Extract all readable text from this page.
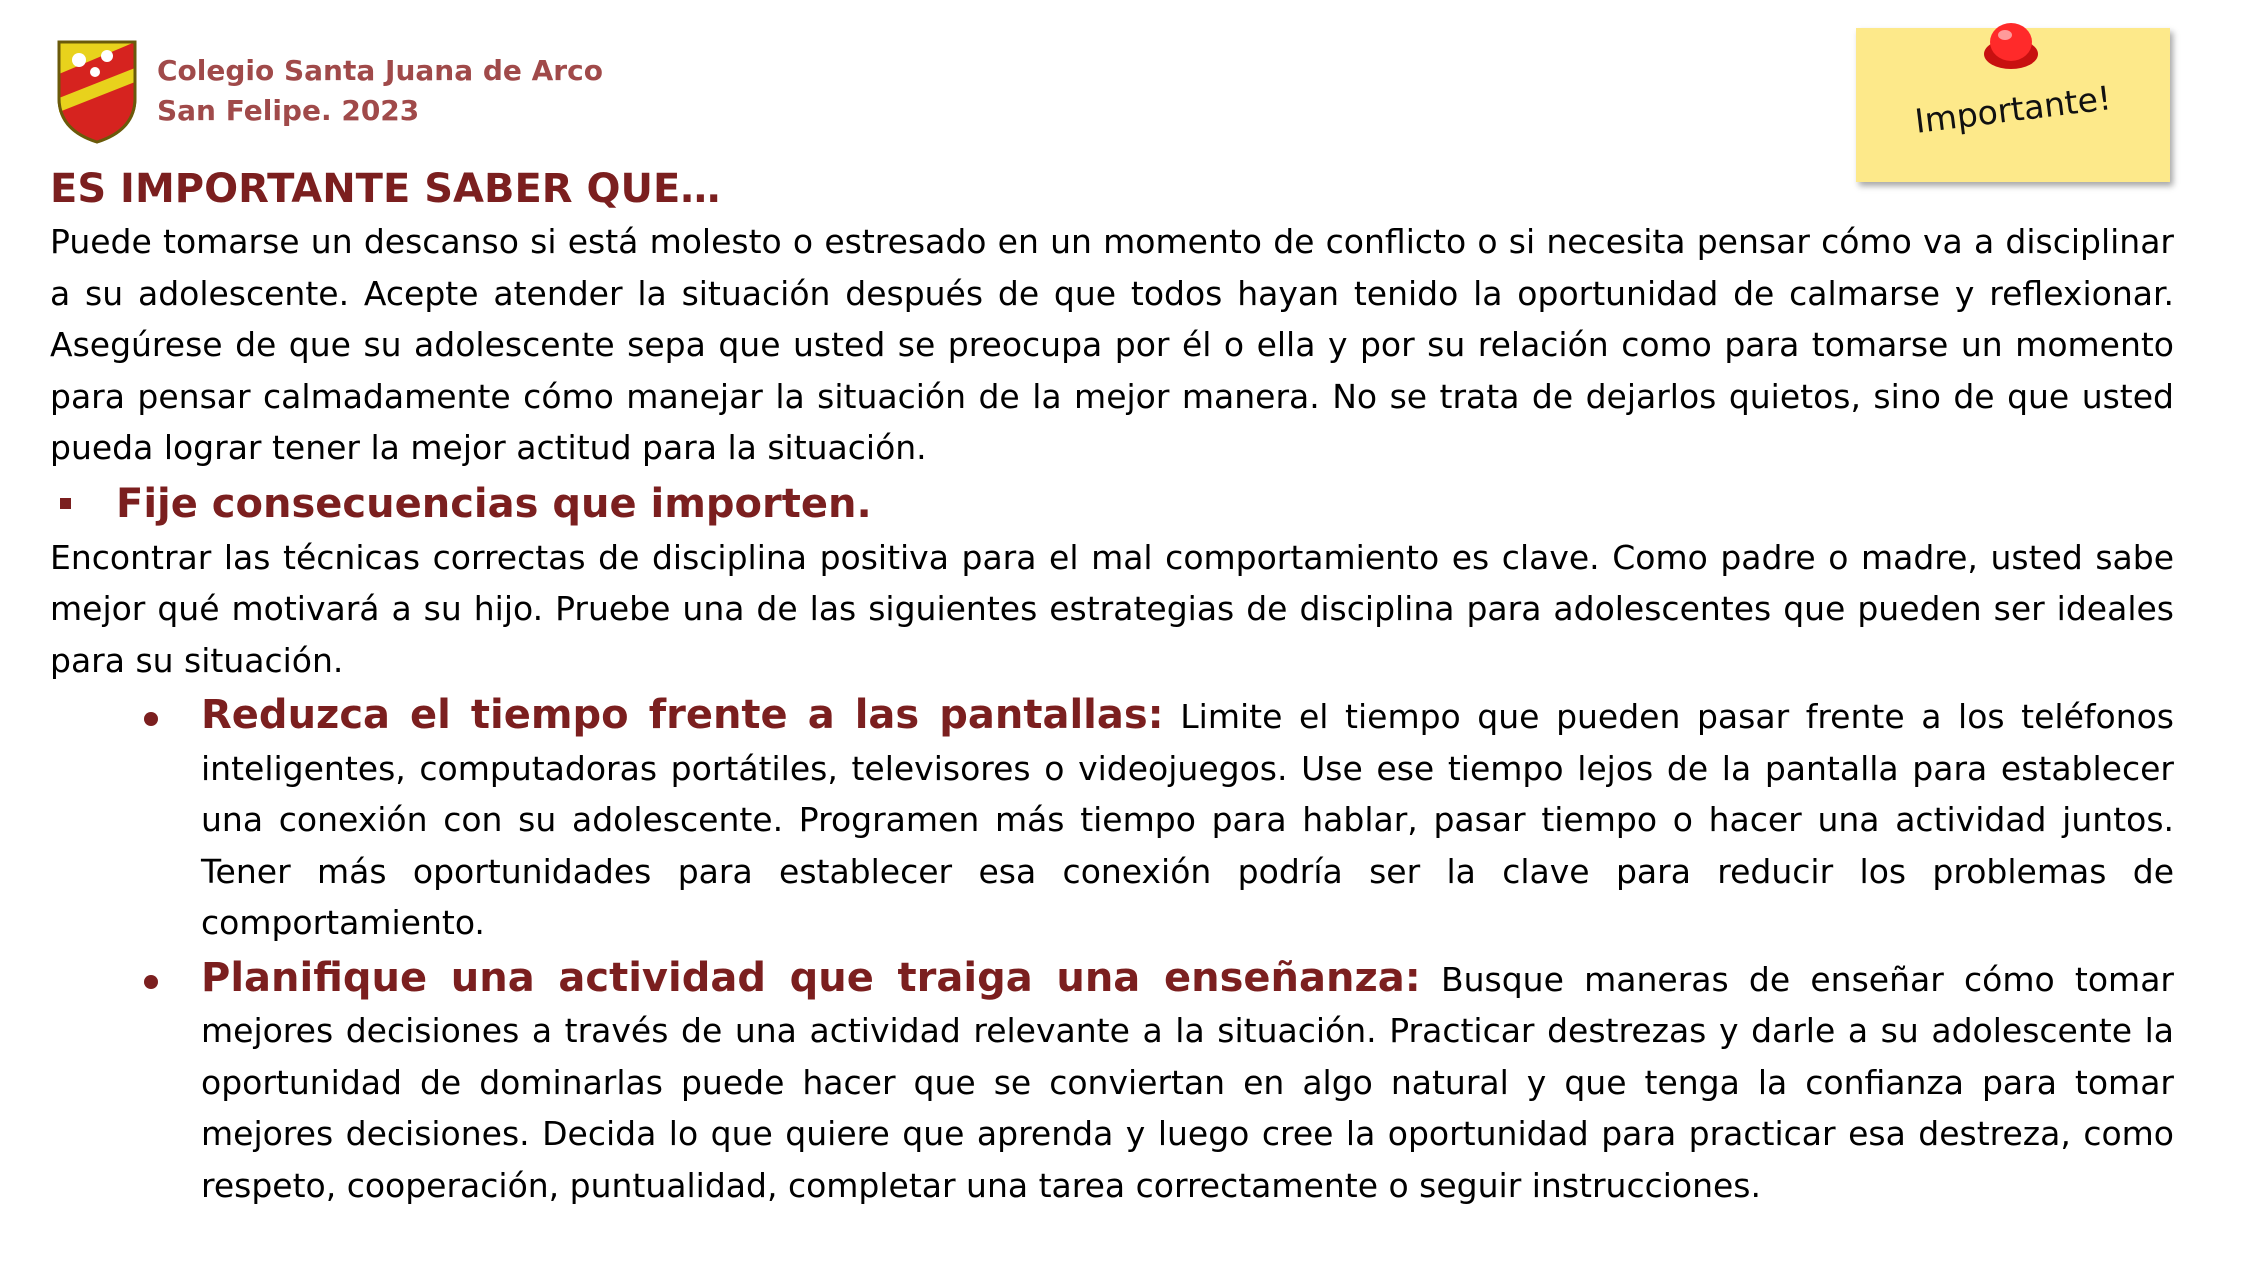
Colegio Santa Juana de Arco
San Felipe. 2023	Importante!
ES IMPORTANTE SABER QUE…

Puede tomarse un descanso si está molesto o estresado en un momento de conflicto o si necesita pensar cómo va a disciplinar a su adolescente. Acepte atender la situación después de que todos hayan tenido la oportunidad de calmarse y reflexionar. Asegúrese de que su adolescente sepa que usted se preocupa por él o ella y por su relación como para tomarse un momento para pensar calmadamente cómo manejar la situación de la mejor manera. No se trata de dejarlos quietos, sino de que usted pueda lograr tener la mejor actitud para la situación.

Fije consecuencias que importen.

Encontrar las técnicas correctas de disciplina positiva para el mal comportamiento es clave. Como padre o madre, usted sabe mejor qué motivará a su hijo. Pruebe una de las siguientes estrategias de disciplina para adolescentes que pueden ser ideales para su situación.

Reduzca el tiempo frente a las pantallas: Limite el tiempo que pueden pasar frente a los teléfonos inteligentes, computadoras portátiles, televisores o videojuegos. Use ese tiempo lejos de la pantalla para establecer una conexión con su adolescente. Programen más tiempo para hablar, pasar tiempo o hacer una actividad juntos. Tener más oportunidades para establecer esa conexión podría ser la clave para reducir los problemas de comportamiento.

Planifique una actividad que traiga una enseñanza: Busque maneras de enseñar cómo tomar mejores decisiones a través de una actividad relevante a la situación. Practicar destrezas y darle a su adolescente la oportunidad de dominarlas puede hacer que se conviertan en algo natural y que tenga la confianza para tomar mejores decisiones. Decida lo que quiere que aprenda y luego cree la oportunidad para practicar esa destreza, como respeto, cooperación, puntualidad, completar una tarea correctamente o seguir instrucciones.
